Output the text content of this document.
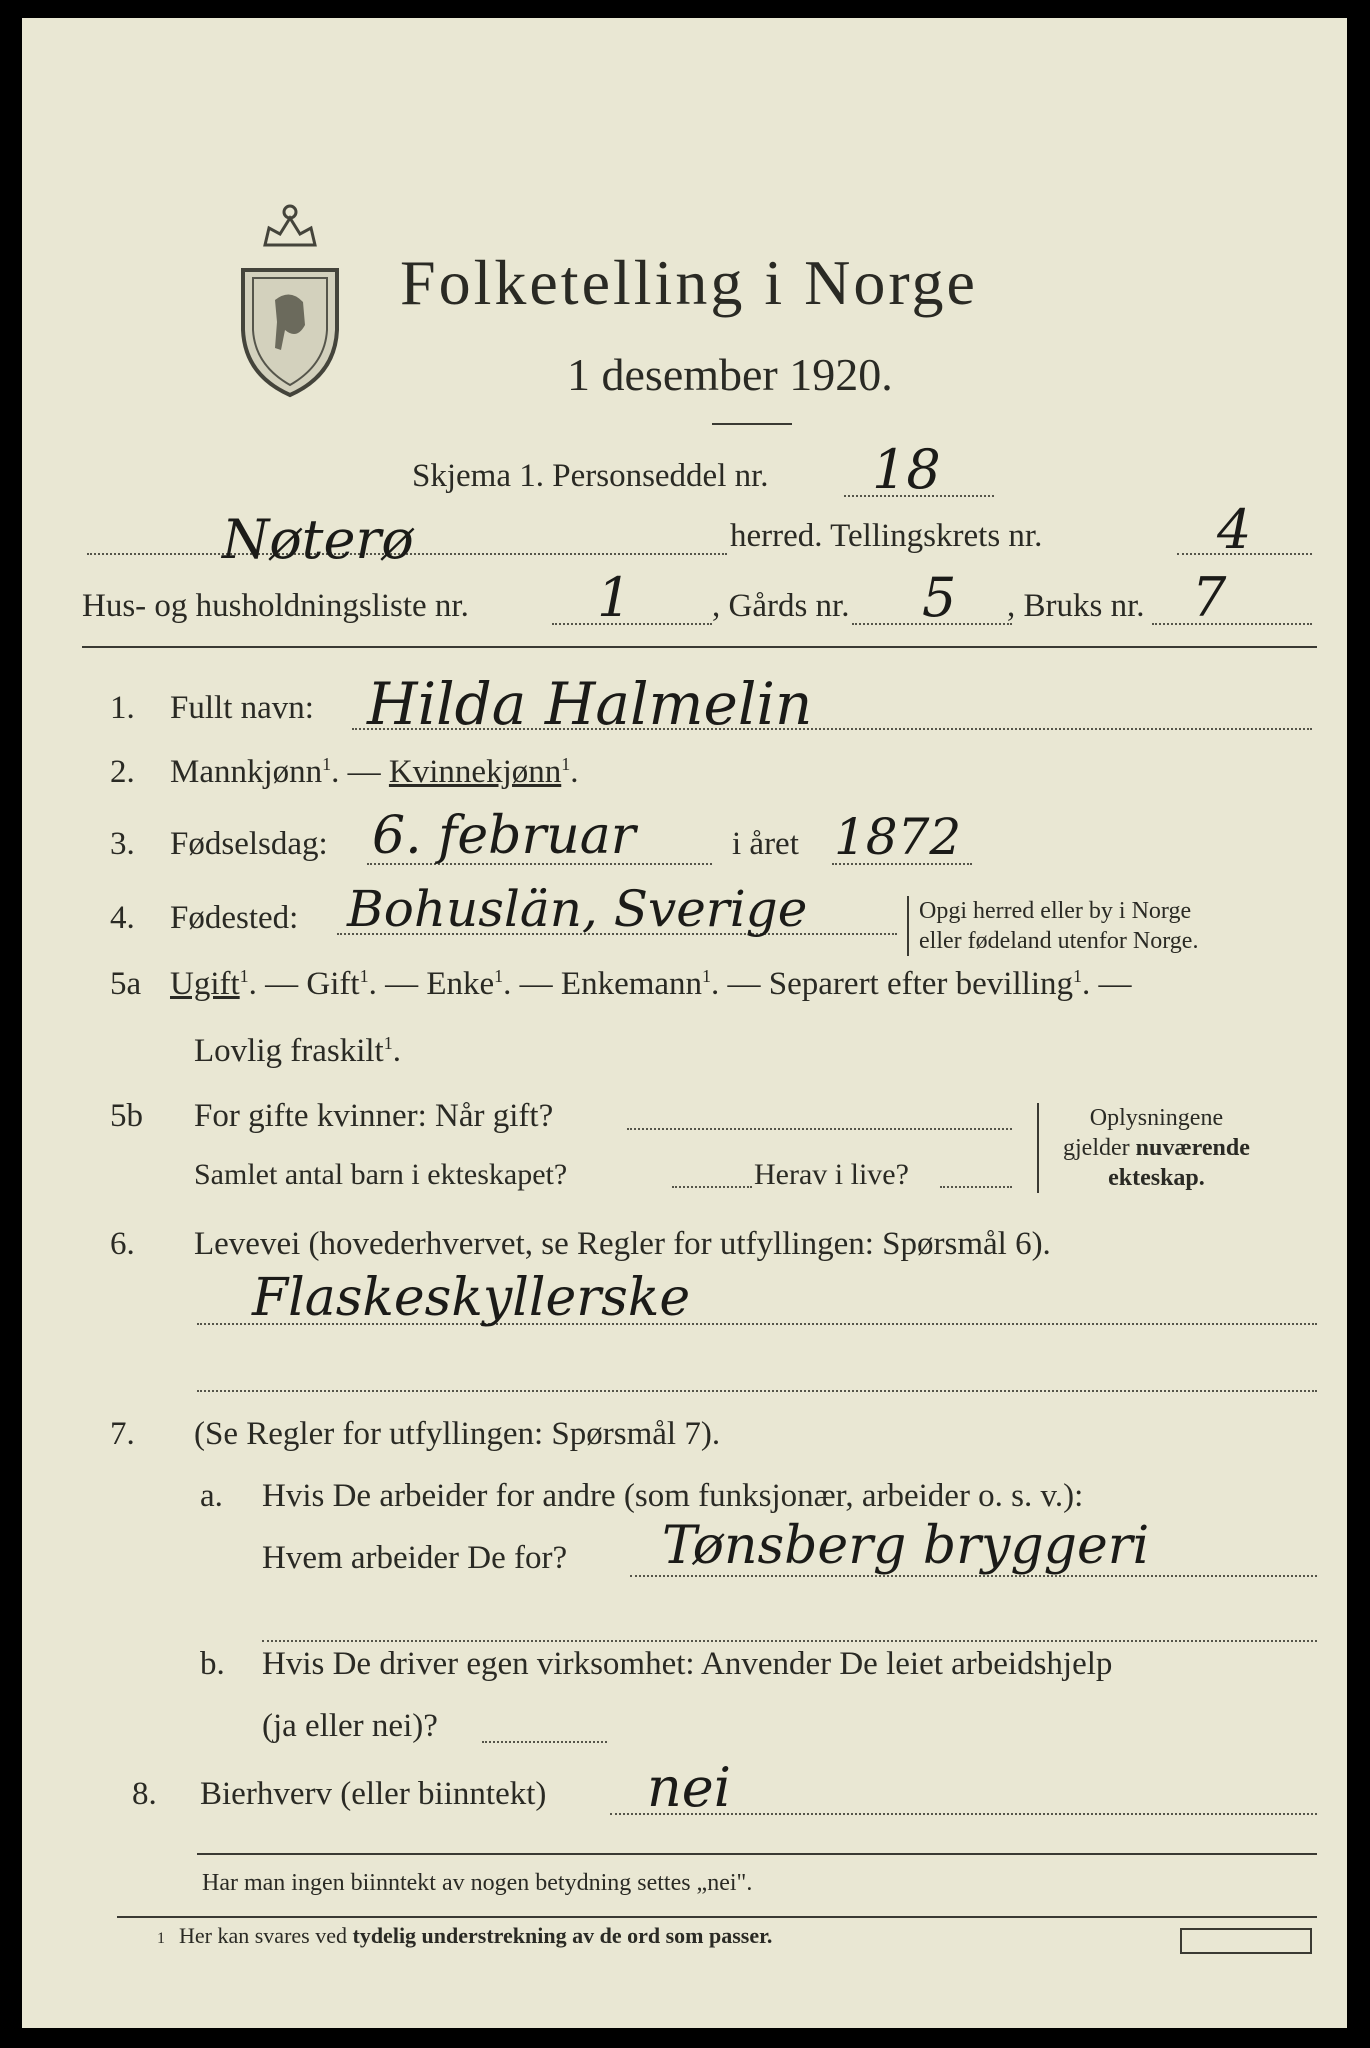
Folketelling i Norge
1 desember 1920.
Skjema 1. Personseddel nr. 18
Nøterø	herred. Tellingskrets nr.	4
Hus- og husholdningsliste nr. 1 , Gårds nr. 5 , Bruks nr. 7
1. Fullt navn: Hilda Halmelin
2. Mannkjønn$^1$. — Kvinnekjønn$^1$.
3. Fødselsdag: 6. februar	i året 1872
4. Fødested: Bohuslän, Sverige	Opgi herred eller by i Norge
eller fødeland utenfor Norge.
5a Ugift$^1$. — Gift$^1$. — Enke$^1$. — Enkemann$^1$. — Separert efter bevilling$^1$. —
Lovlig fraskilt$^1$.
5b For gifte kvinner: Når gift?
Samlet antal barn i ekteskapet?	Herav i live?
Oplysningene
gjelder nuværende
ekteskap.
6. Levevei (hovederhvervet, se Regler for utfyllingen: Spørsmål 6).
Flaskeskyllerske
7. (Se Regler for utfyllingen: Spørsmål 7).
a. Hvis De arbeider for andre (som funksjonær, arbeider o. s. v.):
Hvem arbeider De for? Tønsberg bryggeri
b. Hvis De driver egen virksomhet: Anvender De leiet arbeidshjelp
(ja eller nei)?
8. Bierhverv (eller biinntekt) nei
Har man ingen biinntekt av nogen betydning settes „nei".
1 Her kan svares ved tydelig understrekning av de ord som passer.
